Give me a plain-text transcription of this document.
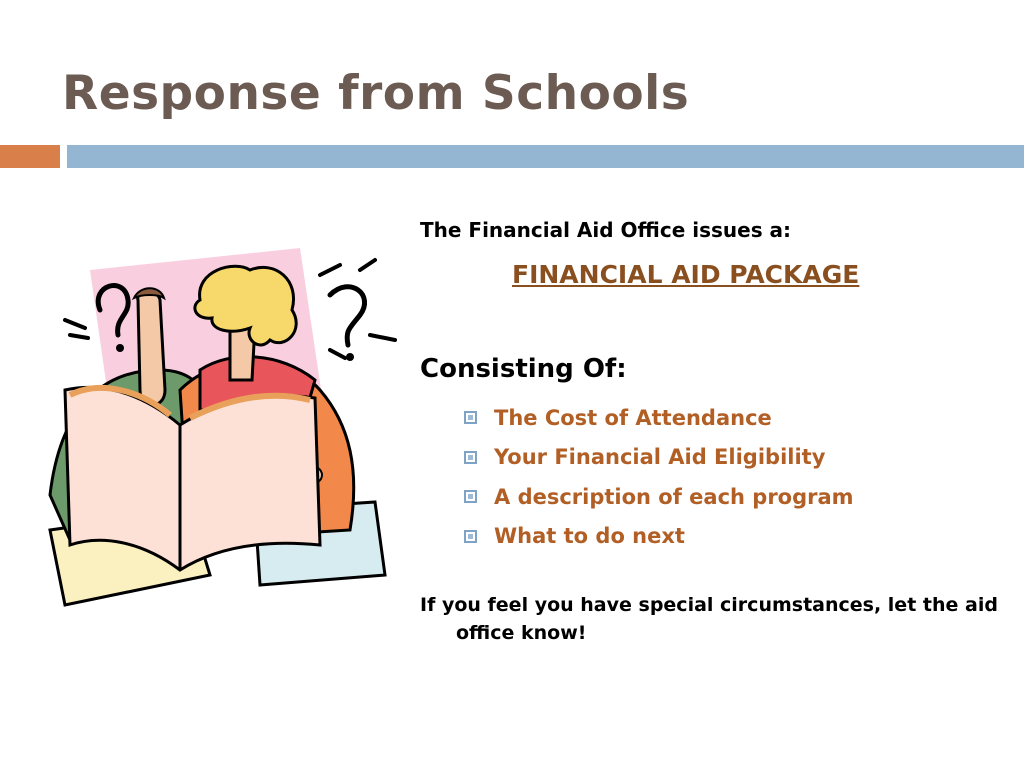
Response from Schools

The Financial Aid Office issues a:

FINANCIAL AID PACKAGE

Consisting Of:

The Cost of Attendance
Your Financial Aid Eligibility
A description of each program
What to do next

If you feel you have special circumstances, let the aid office know!
